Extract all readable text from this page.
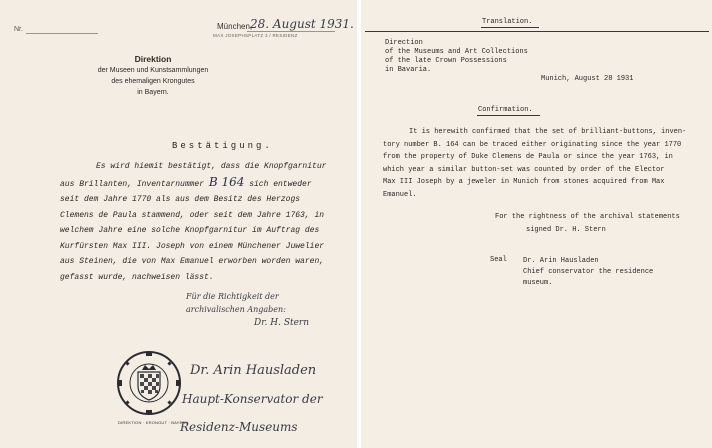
Nr.	München,
28. August 1931.
MAX JOSEPHSPLATZ 3 / RESIDENZ
Direktion
der Museen und Kunstsammlungen
des ehemaligen Krongutes
in Bayern.
Bestätigung.

Es wird hiemit bestätigt, dass die Knopfgarnitur

aus Brillanten, Inventarnummer B 164 sich entweder

seit dem Jahre 1770 als aus dem Besitz des Herzogs

Clemens de Paula stammend, oder seit dem Jahre 1763, in

welchem Jahre eine solche Knopfgarnitur im Auftrag des

Kurfürsten Max III. Joseph von einem Münchener Juwelier

aus Steinen, die von Max Emanuel erworben worden waren,

gefasst wurde, nachweisen lässt.

Für die Richtigkeit der
archivalischen Angaben:
Dr. H. Stern
DIREKTION · KRONGUT · BAYERN
Dr. Arin Hausladen
Haupt-Konservator der
Residenz-Museums
Translation.

Direction

of the Museums and Art Collections

of the late Crown Possessions

in Bavaria.

Munich, August 28 1931
Confirmation.

It is herewith confirmed that the set of brilliant-buttons, inven-

tory number B. 164 can be traced either originating since the year 1770

from the property of Duke Clemens de Paula or since the year 1763, in

which year a similar button-set was counted by order of the Elector

Max III Joseph by a jeweler in Munich from stones acquired from Max

Emanuel.

For the rightness of the archival statements
signed Dr. H. Stern
Seal Dr. Arin Hausladen

Chief conservator the residence

museum.
